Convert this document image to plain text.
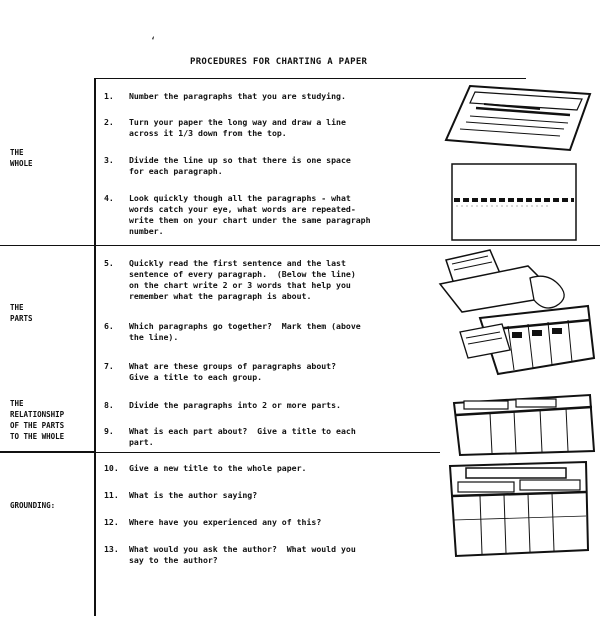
‘
PROCEDURES FOR CHARTING A PAPER
THE
WHOLE
THE
PARTS
THE
RELATIONSHIP
OF THE PARTS
TO THE WHOLE
GROUNDING:
1. Number the paragraphs that you are studying.
2. Turn your paper the long way and draw a line
across it 1/3 down from the top.
3. Divide the line up so that there is one space
for each paragraph.
4. Look quickly though all the paragraphs - what
words catch your eye, what words are repeated-
write them on your chart under the same paragraph
number.
5. Quickly read the first sentence and the last
sentence of every paragraph.  (Below the line)
on the chart write 2 or 3 words that help you
remember what the paragraph is about.
6. Which paragraphs go together?  Mark them (above
the line).
7. What are these groups of paragraphs about?
Give a title to each group.
8. Divide the paragraphs into 2 or more parts.
9. What is each part about?  Give a title to each
part.
10. Give a new title to the whole paper.
11. What is the author saying?
12. Where have you experienced any of this?
13. What would you ask the author?  What would you
say to the author?
